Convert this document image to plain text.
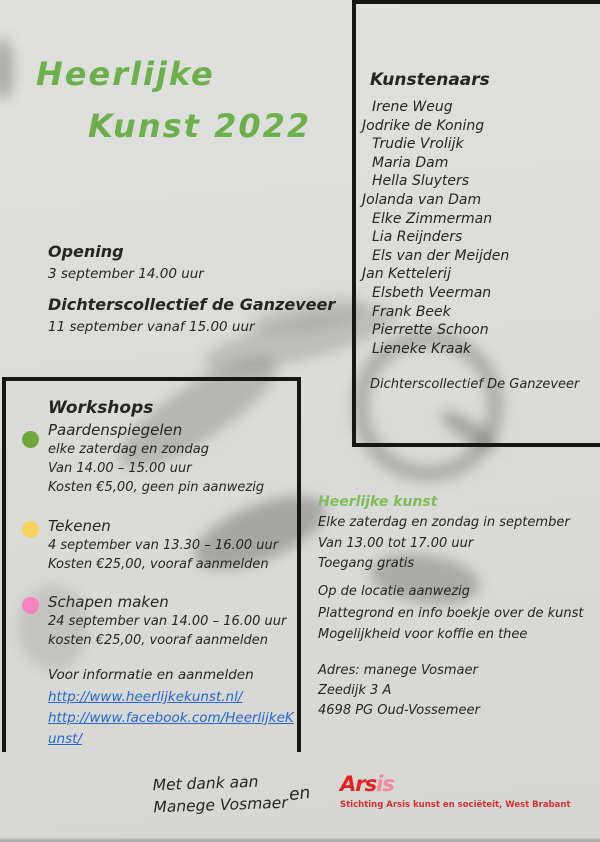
Heerlijke
Kunst 2022
Kunstenaars
Irene Weug
Jodrike de Koning
Trudie Vrolijk
Maria Dam
Hella Sluyters
Jolanda van Dam
Elke Zimmerman
Lia Reijnders
Els van der Meijden
Jan Kettelerij
Elsbeth Veerman
Frank Beek
Pierrette Schoon
Lieneke Kraak
Dichterscollectief De Ganzeveer
Opening

3 september 14.00 uur

Dichterscollectief de Ganzeveer

11 september vanaf 15.00 uur

Workshops
Paardenspiegelen
elke zaterdag en zondag
Van 14.00 – 15.00 uur
Kosten €5,00, geen pin aanwezig
Tekenen
4 september van 13.30 – 16.00 uur
Kosten €25,00, vooraf aanmelden
Schapen maken
24 september van 14.00 – 16.00 uur
kosten €25,00, vooraf aanmelden
Voor informatie en aanmelden
http://www.heerlijkekunst.nl/
http://www.facebook.com/HeerlijkeKunst/
Heerlijke kunst
Elke zaterdag en zondag in september
Van 13.00 tot 17.00 uur
Toegang gratis
Op de locatie aanwezig
Plattegrond en info boekje over de kunst
Mogelijkheid voor koffie en thee
Adres: manege Vosmaer
Zeedijk 3 A
4698 PG Oud-Vossemeer
Met dank aan
Manege Vosmaer en Arsis
Stichting Arsis kunst en sociëteit, West Brabant
